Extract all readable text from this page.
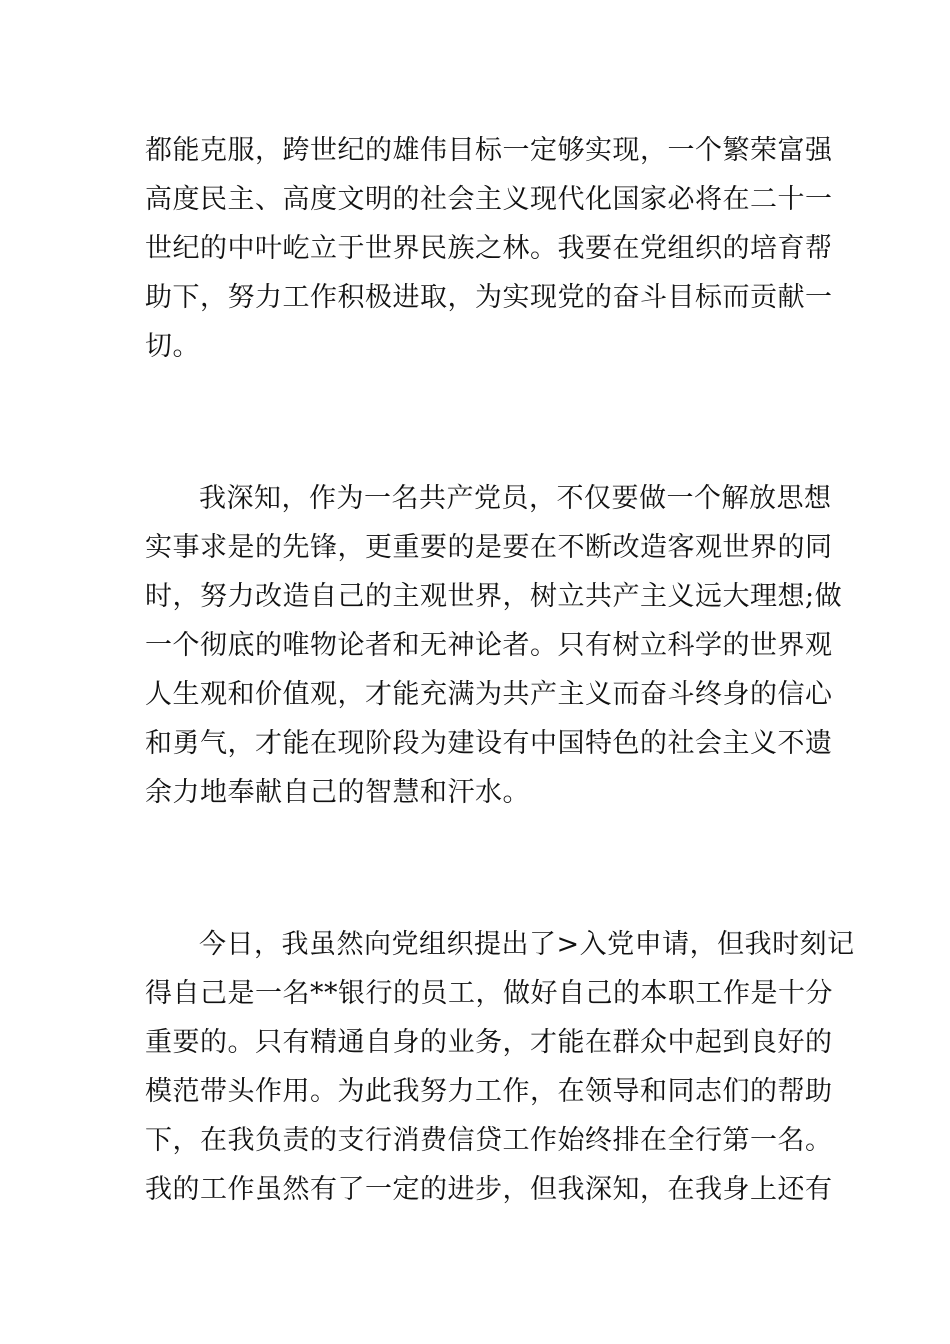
都能克服，跨世纪的雄伟目标一定够实现，一个繁荣富强
高度民主、高度文明的社会主义现代化国家必将在二十一
世纪的中叶屹立于世界民族之林。我要在党组织的培育帮
助下，努力工作积极进取，为实现党的奋斗目标而贡献一
切。
我深知，作为一名共产党员，不仅要做一个解放思想
实事求是的先锋，更重要的是要在不断改造客观世界的同
时，努力改造自己的主观世界，树立共产主义远大理想;做
一个彻底的唯物论者和无神论者。只有树立科学的世界观
人生观和价值观，才能充满为共产主义而奋斗终身的信心
和勇气，才能在现阶段为建设有中国特色的社会主义不遗
余力地奉献自己的智慧和汗水。
今日，我虽然向党组织提出了>入党申请，但我时刻记
得自己是一名**银行的员工，做好自己的本职工作是十分
重要的。只有精通自身的业务，才能在群众中起到良好的
模范带头作用。为此我努力工作，在领导和同志们的帮助
下，在我负责的支行消费信贷工作始终排在全行第一名。
我的工作虽然有了一定的进步，但我深知，在我身上还有
